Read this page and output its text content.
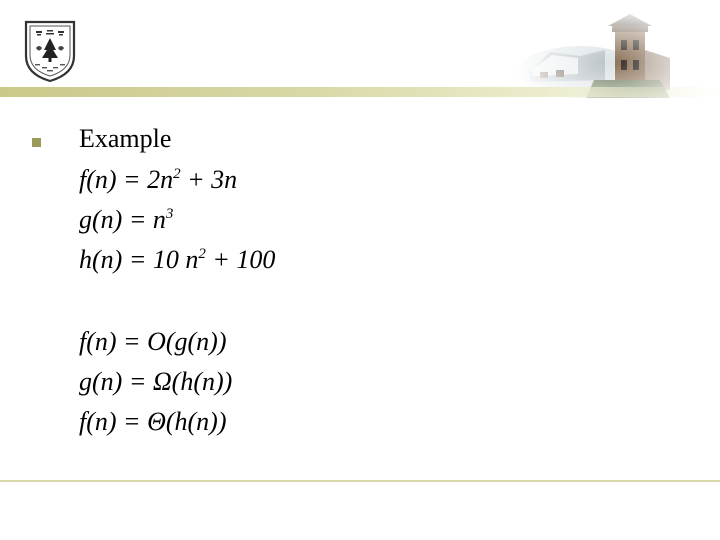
Example
$f(n) = 2n^2 + 3n$
$g(n) = n^3$
h(n) = 10 $n^2 + 100$
f(n) = O(g(n))
g(n) = Ω(h(n))
f(n) = Θ(h(n))
